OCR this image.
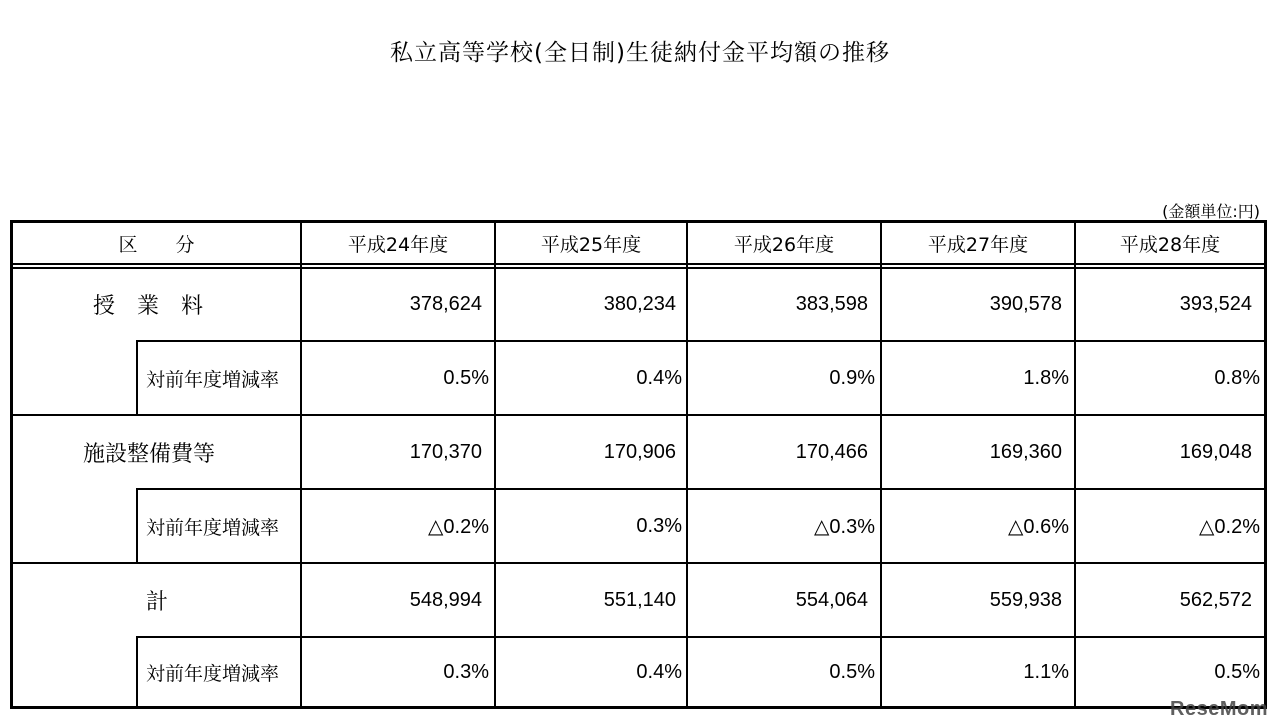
私立高等学校(全日制)生徒納付金平均額の推移
(金額単位:円)
区　　分	平成24年度	平成25年度	平成26年度	平成27年度	平成28年度
授　業　料	378,624	380,234	383,598	390,578	393,524
対前年度増減率	0.5%	0.4%	0.9%	1.8%	0.8%
施設整備費等	170,370	170,906	170,466	169,360	169,048
対前年度増減率	△0.2%	0.3%	△0.3%	△0.6%	△0.2%
計	548,994	551,140	554,064	559,938	562,572
対前年度増減率	0.3%	0.4%	0.5%	1.1%	0.5%
ReseMom
